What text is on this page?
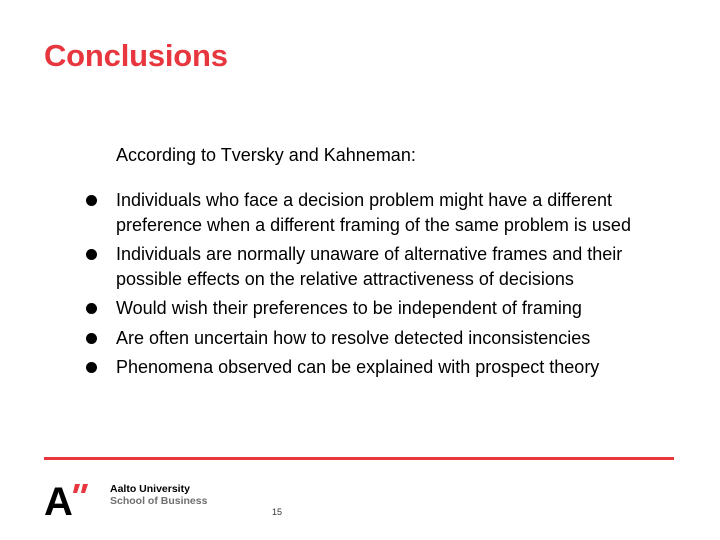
Conclusions
According to Tversky and Kahneman:
Individuals who face a decision problem might have a different preference when a different framing of the same problem is used
Individuals are normally unaware of alternative frames and their possible effects on the relative attractiveness of decisions
Would wish their preferences to be independent of framing
Are often uncertain how to resolve detected inconsistencies
Phenomena observed can be explained with prospect theory
A	Aalto University
School of Business
15
